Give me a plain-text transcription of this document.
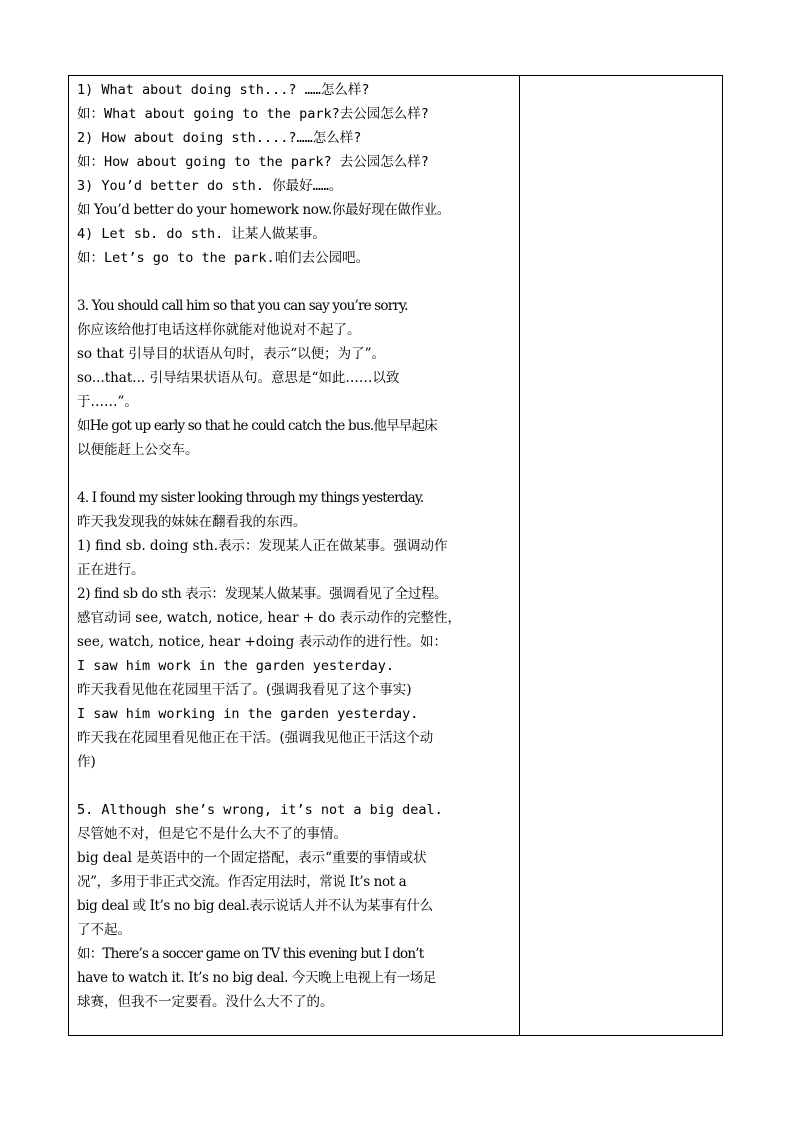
1) What about doing sth...? ……怎么样?
如：What about going to the park?去公园怎么样?
2) How about doing sth....?……怎么样?
如：How about going to the park? 去公园怎么样?
3) You’d better do sth. 你最好……。
如 You’d better do your homework now.你最好现在做作业。
4) Let sb. do sth. 让某人做某事。
如：Let’s go to the park.咱们去公园吧。
3. You should call him so that you can say you’re sorry.
你应该给他打电话这样你就能对他说对不起了。
so that 引导目的状语从句时，表示“以便；为了”。
so...that... 引导结果状语从句。意思是“如此……以致
于……”。
如He got up early so that he could catch the bus.他早早起床
以便能赶上公交车。
4. I found my sister looking through my things yesterday.
昨天我发现我的妹妹在翻看我的东西。
1) find sb. doing sth.表示：发现某人正在做某事。强调动作
正在进行。
2) find sb do sth 表示：发现某人做某事。强调看见了全过程。
感官动词 see, watch, notice, hear + do 表示动作的完整性，
see, watch, notice, hear +doing 表示动作的进行性。如：
I saw him work in the garden yesterday.
昨天我看见他在花园里干活了。(强调我看见了这个事实)
I saw him working in the garden yesterday.
昨天我在花园里看见他正在干活。(强调我见他正干活这个动
作)
5. Although she’s wrong, it’s not a big deal.
尽管她不对，但是它不是什么大不了的事情。
big deal 是英语中的一个固定搭配，表示“重要的事情或状
况”，多用于非正式交流。作否定用法时，常说 It’s not a
big deal 或 It’s no big deal.表示说话人并不认为某事有什么
了不起。
如：There’s a soccer game on TV this evening but I don’t
have to watch it. It’s no big deal. 今天晚上电视上有一场足
球赛，但我不一定要看。没什么大不了的。
